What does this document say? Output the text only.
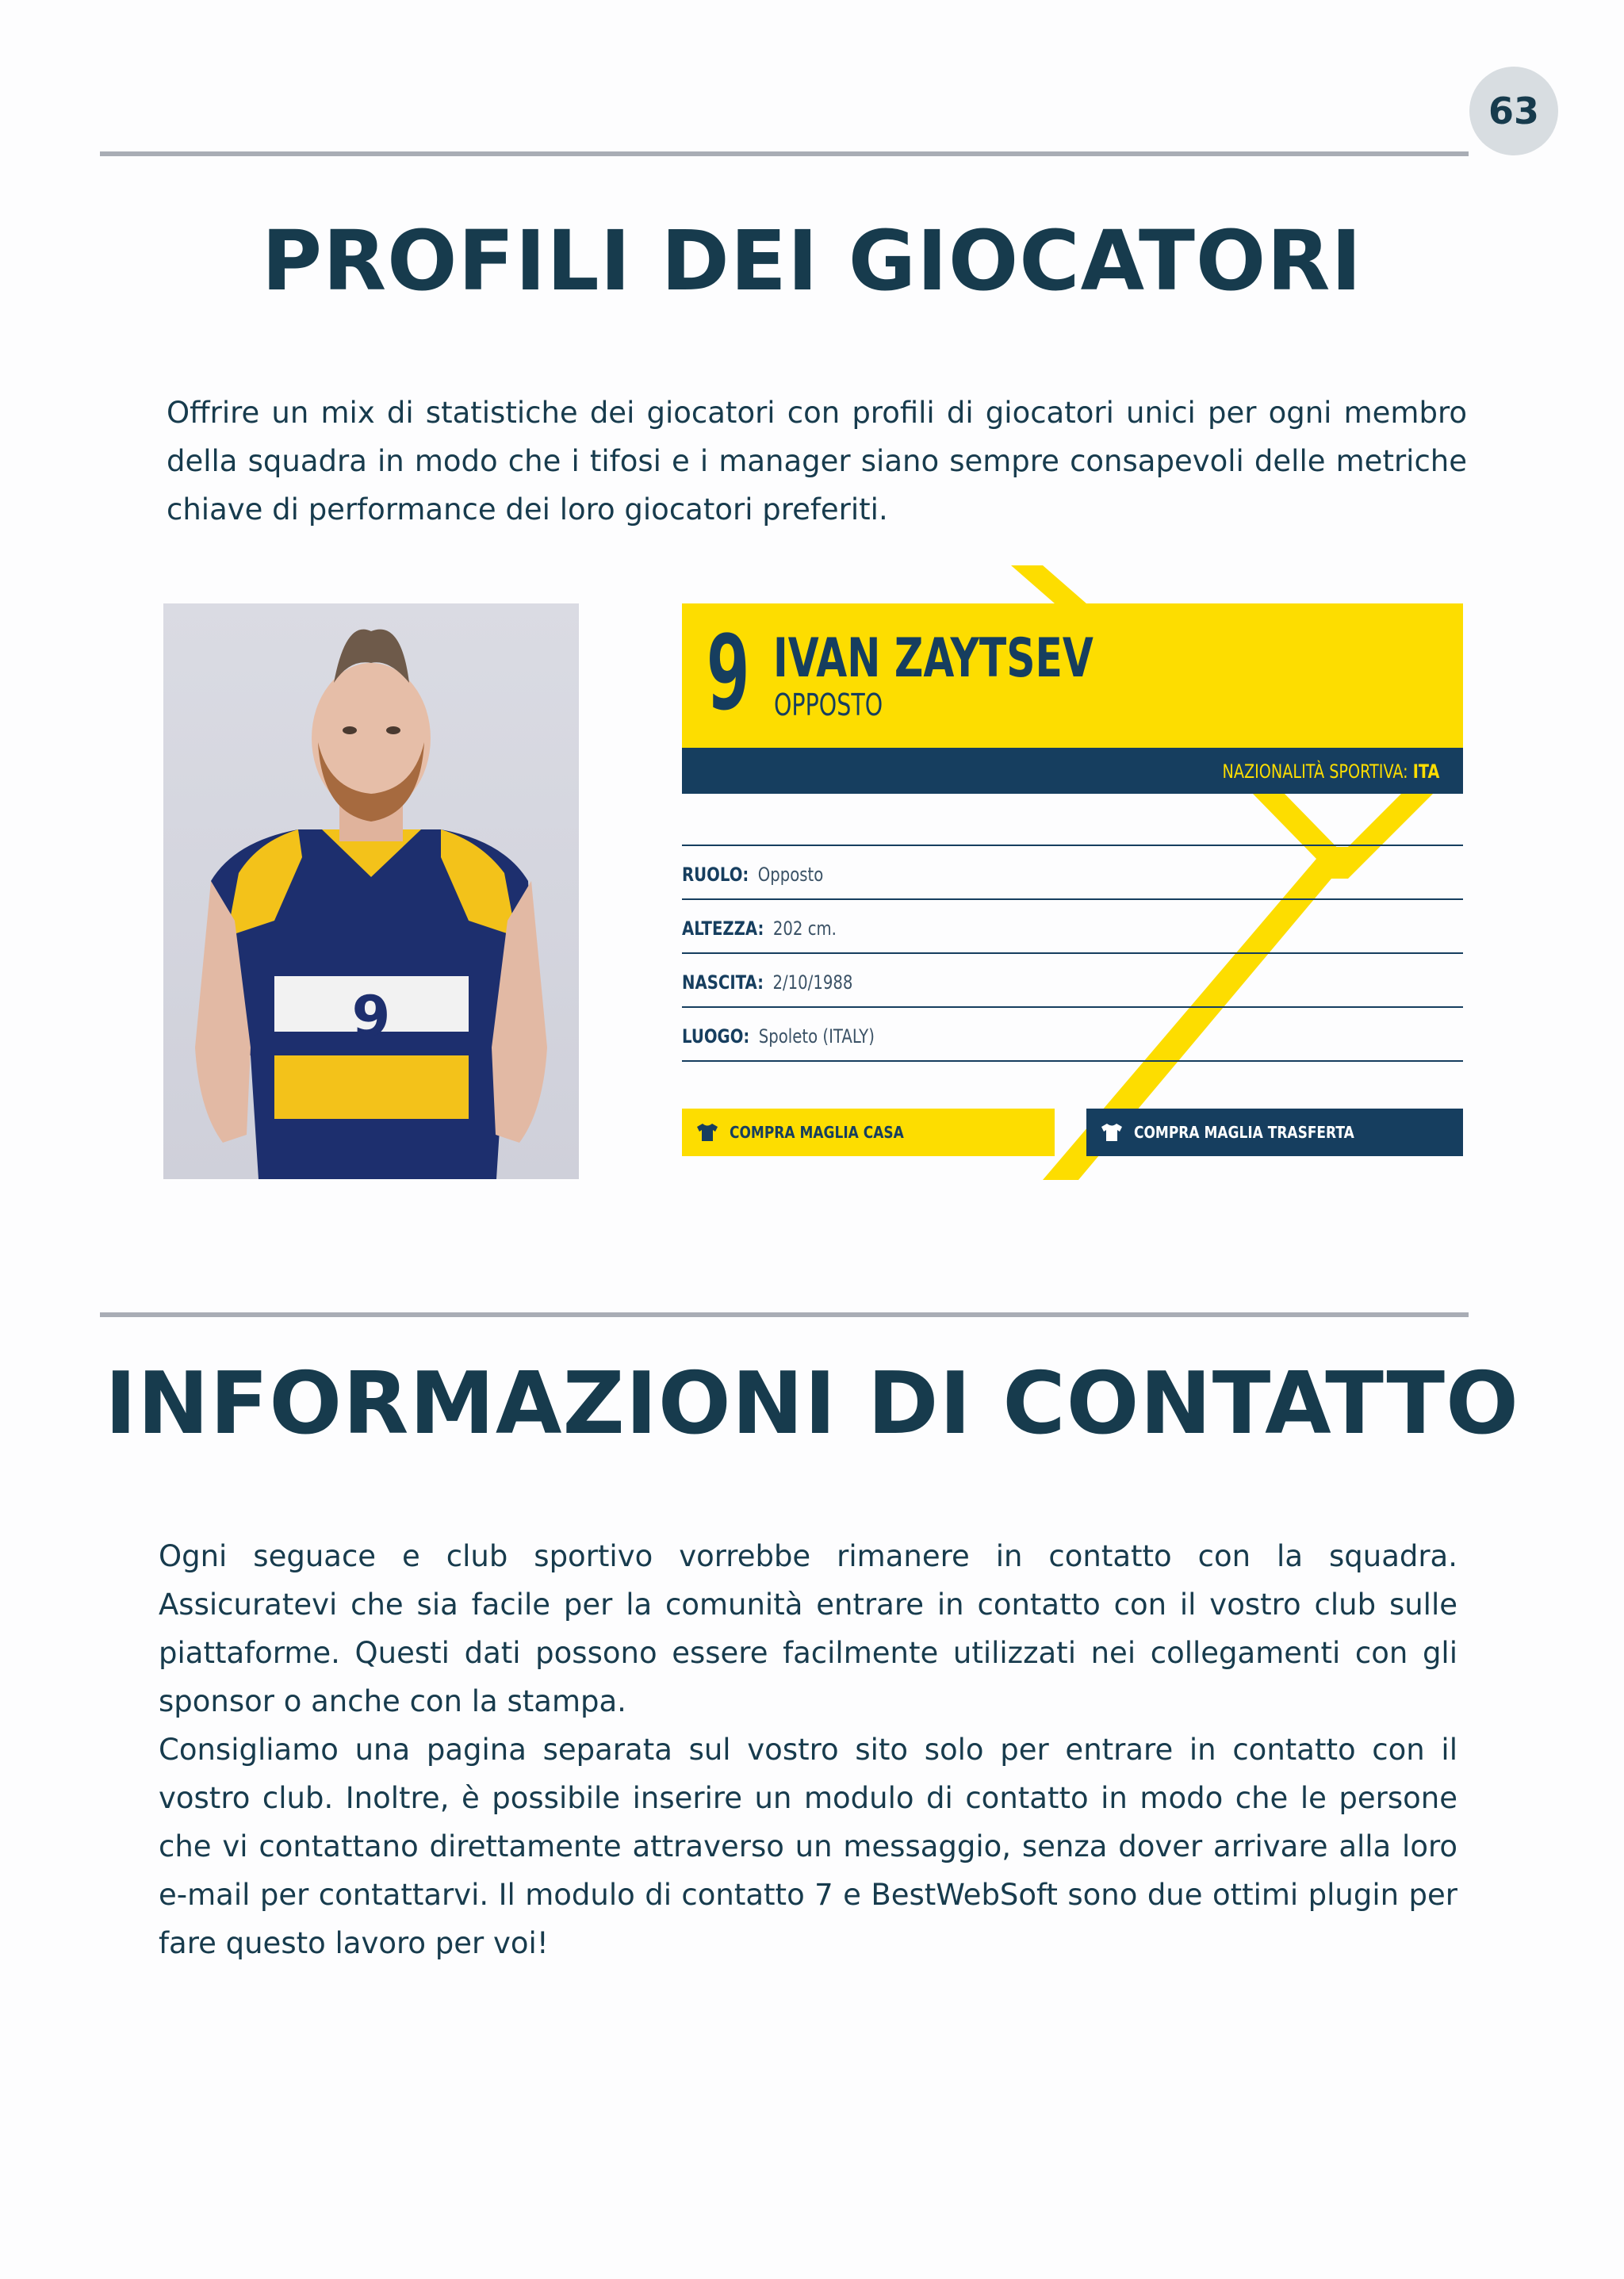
63
PROFILI DEI GIOCATORI

Offrire un mix di statistiche dei giocatori con profili di giocatori unici per ogni membro della squadra in modo che i tifosi e i manager siano sempre consapevoli delle metriche chiave di performance dei loro giocatori preferiti.

9
9 IVAN ZAYTSEV
OPPOSTO
NAZIONALITÀ SPORTIVA: ITA
RUOLO: Opposto
ALTEZZA: 202 cm.
NASCITA: 2/10/1988
LUOGO: Spoleto (ITALY)
COMPRA MAGLIA CASA	COMPRA MAGLIA TRASFERTA
INFORMAZIONI DI CONTATTO
Ogni seguace e club sportivo vorrebbe rimanere in contatto con la squadra. Assicuratevi che sia facile per la comunità entrare in contatto con il vostro club sulle piattaforme. Questi dati possono essere facilmente utilizzati nei collegamenti con gli sponsor o anche con la stampa.
Consigliamo una pagina separata sul vostro sito solo per entrare in contatto con il vostro club. Inoltre, è possibile inserire un modulo di contatto in modo che le persone che vi contattano direttamente attraverso un messaggio, senza dover arrivare alla loro e-mail per contattarvi. Il modulo di contatto 7 e BestWebSoft sono due ottimi plugin per fare questo lavoro per voi!
